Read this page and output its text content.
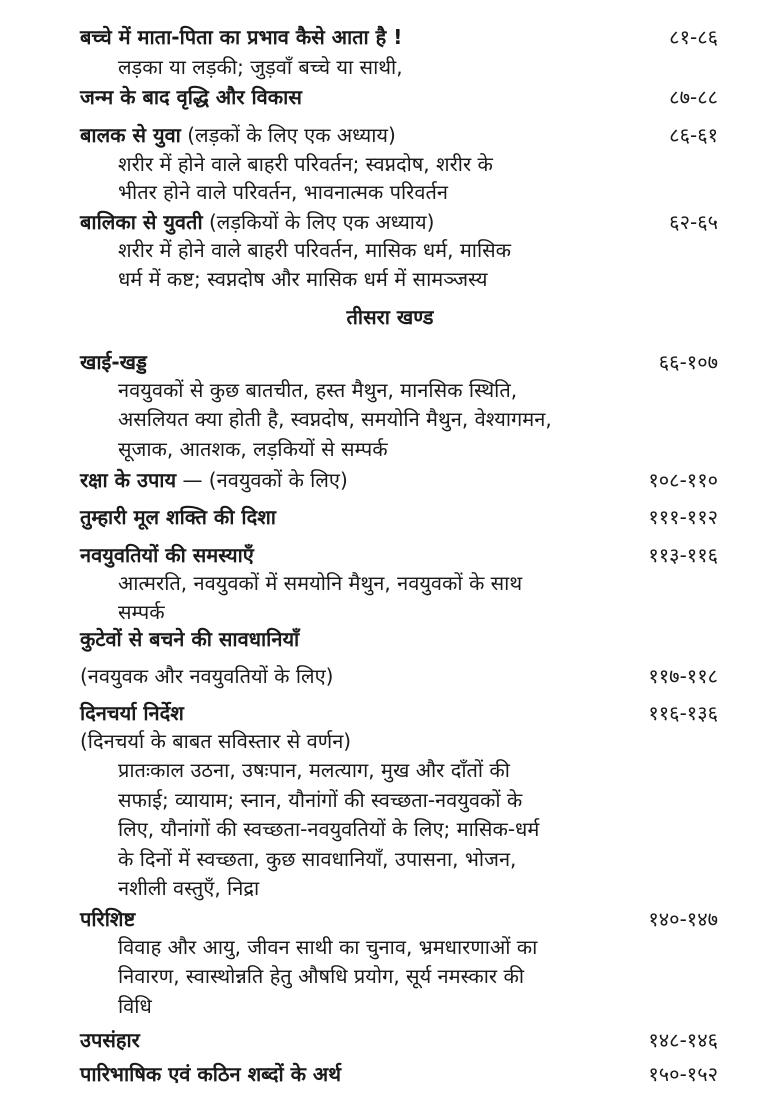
बच्चे में माता-पिता का प्रभाव कैसे आता है !	८१-८६
लड़का या लड़की; जुड़वाँ बच्चे या साथी,
जन्म के बाद वृद्धि और विकास	८७-८८
बालक से युवा (लड़कों के लिए एक अध्याय)	८६-६१
शरीर में होने वाले बाहरी परिवर्तन; स्वप्नदोष, शरीर के
भीतर होने वाले परिवर्तन, भावनात्मक परिवर्तन
बालिका से युवती (लड़कियों के लिए एक अध्याय)	६२-६५
शरीर में होने वाले बाहरी परिवर्तन, मासिक धर्म, मासिक
धर्म में कष्ट; स्वप्नदोष और मासिक धर्म में सामञ्जस्य
तीसरा खण्ड
खाई-खड्ड	६६-१०७
नवयुवकों से कुछ बातचीत, हस्त मैथुन, मानसिक स्थिति,
असलियत क्या होती है, स्वप्नदोष, समयोनि मैथुन, वेश्यागमन,
सूजाक, आतशक, लड़कियों से सम्पर्क
रक्षा के उपाय — (नवयुवकों के लिए)	१०८-११०
तुम्हारी मूल शक्ति की दिशा	१११-११२
नवयुवतियों की समस्याएँ	११३-११६
आत्मरति, नवयुवकों में समयोनि मैथुन, नवयुवकों के साथ
सम्पर्क
कुटेवों से बचने की सावधानियाँ
(नवयुवक और नवयुवतियों के लिए)	११७-११८
दिनचर्या निर्देश	११६-१३६
(दिनचर्या के बाबत सविस्तार से वर्णन)
प्रातःकाल उठना, उषःपान, मलत्याग, मुख और दाँतों की
सफाई; व्यायाम; स्नान, यौनांगों की स्वच्छता-नवयुवकों के
लिए, यौनांगों की स्वच्छता-नवयुवतियों के लिए; मासिक-धर्म
के दिनों में स्वच्छता, कुछ सावधानियाँ, उपासना, भोजन,
नशीली वस्तुएँ, निद्रा
परिशिष्ट	१४०-१४७
विवाह और आयु, जीवन साथी का चुनाव, भ्रमधारणाओं का
निवारण, स्वास्थोन्नति हेतु औषधि प्रयोग, सूर्य नमस्कार की
विधि
उपसंहार	१४८-१४६
पारिभाषिक एवं कठिन शब्दों के अर्थ	१५०-१५२
